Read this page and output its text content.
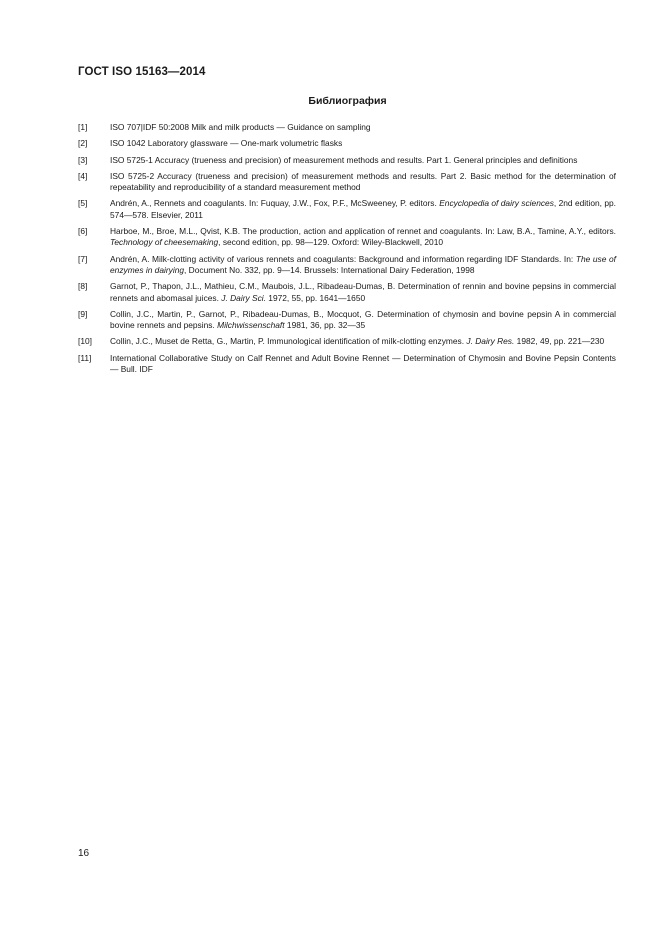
ГОСТ ISO 15163—2014
Библиография
[1]	ISO 707|IDF 50:2008 Milk and milk products — Guidance on sampling
[2]	ISO 1042 Laboratory glassware — One-mark volumetric flasks
[3]	ISO 5725-1 Accuracy (trueness and precision) of measurement methods and results. Part 1. General principles and definitions
[4]	ISO 5725-2 Accuracy (trueness and precision) of measurement methods and results. Part 2. Basic method for the determination of repeatability and reproducibility of a standard measurement method
[5]	Andrén, A., Rennets and coagulants. In: Fuquay, J.W., Fox, P.F., McSweeney, P. editors. Encyclopedia of dairy sciences, 2nd edition, pp. 574—578. Elsevier, 2011
[6]	Harboe, M., Broe, M.L., Qvist, K.B. The production, action and application of rennet and coagulants. In: Law, B.A., Tamine, A.Y., editors. Technology of cheesemaking, second edition, pp. 98—129. Oxford: Wiley-Blackwell, 2010
[7]	Andrén, A. Milk-clotting activity of various rennets and coagulants: Background and information regarding IDF Standards. In: The use of enzymes in dairying, Document No. 332, pp. 9—14. Brussels: International Dairy Federation, 1998
[8]	Garnot, P., Thapon, J.L., Mathieu, C.M., Maubois, J.L., Ribadeau-Dumas, B. Determination of rennin and bovine pepsins in commercial rennets and abomasal juices. J. Dairy Sci. 1972, 55, pp. 1641—1650
[9]	Collin, J.C., Martin, P., Garnot, P., Ribadeau-Dumas, B., Mocquot, G. Determination of chymosin and bovine pepsin A in commercial bovine rennets and pepsins. Milchwissenschaft 1981, 36, pp. 32—35
[10]	Collin, J.C., Muset de Retta, G., Martin, P. Immunological identification of milk-clotting enzymes. J. Dairy Res. 1982, 49, pp. 221—230
[11]	International Collaborative Study on Calf Rennet and Adult Bovine Rennet — Determination of Chymosin and Bovine Pepsin Contents — Bull. IDF
16
